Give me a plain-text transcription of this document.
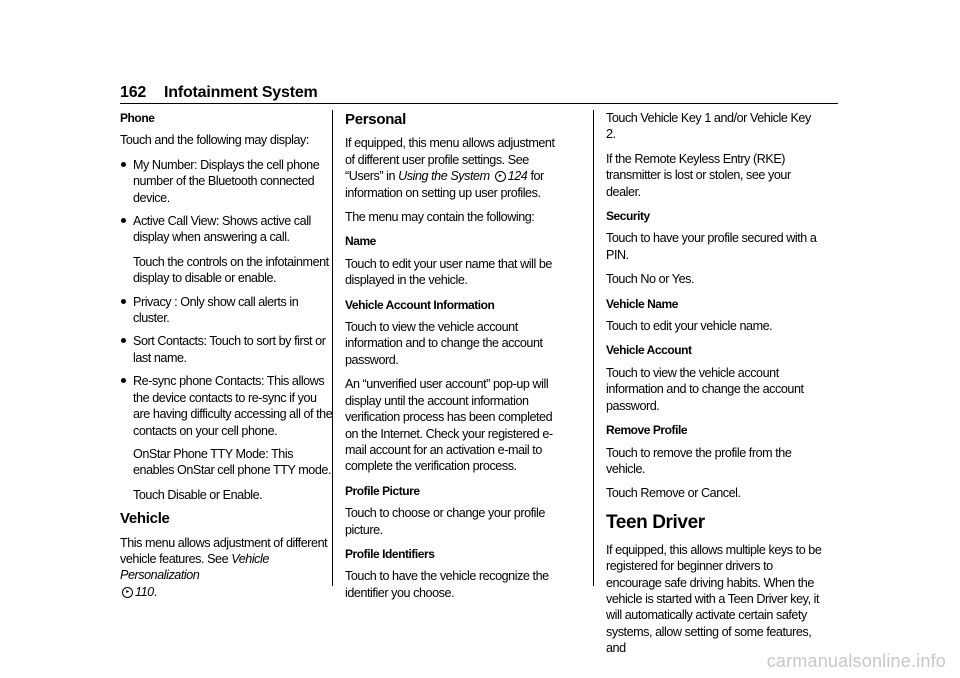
162 Infotainment System

Phone

Touch and the following may display:

My Number: Displays the cell phone number of the Bluetooth connected device.
Active Call View: Shows active call display when answering a call.
Touch the controls on the infotainment display to disable or enable.
Privacy : Only show call alerts in cluster.
Sort Contacts: Touch to sort by first or last name.
Re-sync phone Contacts: This allows the device contacts to re-sync if you are having difficulty accessing all of the contacts on your cell phone.

OnStar Phone TTY Mode: This enables OnStar cell phone TTY mode.

Touch Disable or Enable.

Vehicle

This menu allows adjustment of different vehicle features. See Vehicle Personalization
▸ 110.

Personal

If equipped, this menu allows adjustment of different user profile settings. See “Users” in Using the System ▸ 124 for information on setting up user profiles.

The menu may contain the following:

Name

Touch to edit your user name that will be displayed in the vehicle.

Vehicle Account Information

Touch to view the vehicle account information and to change the account password.

An “unverified user account” pop-up will display until the account information verification process has been completed on the Internet. Check your registered e-mail account for an activation e-mail to complete the verification process.

Profile Picture

Touch to choose or change your profile picture.

Profile Identifiers

Touch to have the vehicle recognize the identifier you choose.

Touch Vehicle Key 1 and/or Vehicle Key 2.

If the Remote Keyless Entry (RKE) transmitter is lost or stolen, see your dealer.

Security

Touch to have your profile secured with a PIN.

Touch No or Yes.

Vehicle Name

Touch to edit your vehicle name.

Vehicle Account

Touch to view the vehicle account information and to change the account password.

Remove Profile

Touch to remove the profile from the vehicle.

Touch Remove or Cancel.

Teen Driver

If equipped, this allows multiple keys to be registered for beginner drivers to encourage safe driving habits. When the vehicle is started with a Teen Driver key, it will automatically activate certain safety systems, allow setting of some features, and

carmanualsonline.info
